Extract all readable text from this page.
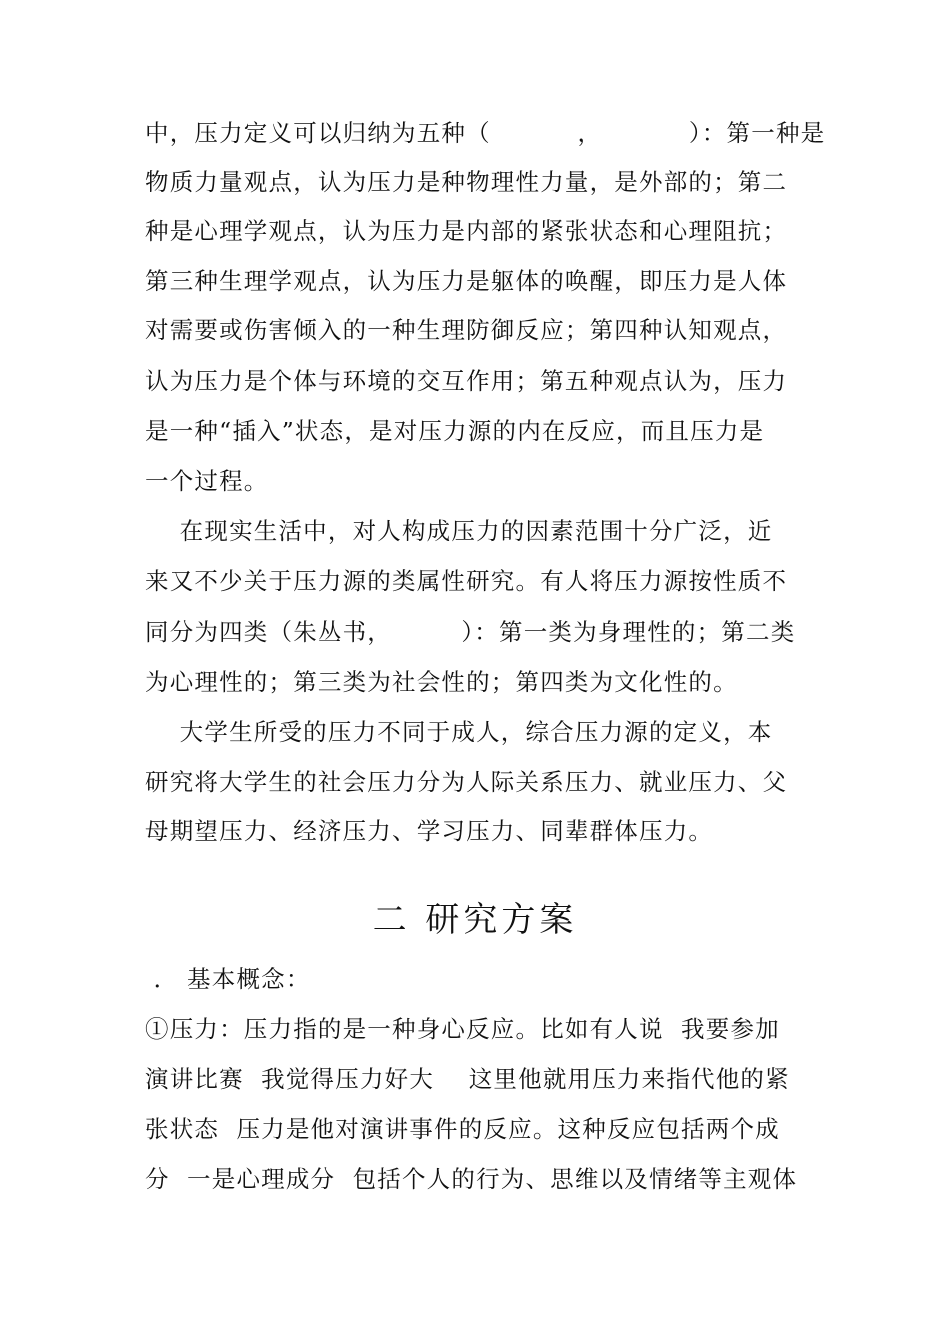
中，压力定义可以归纳为五种（          ，          ）：第一种是
物质力量观点，认为压力是种物理性力量，是外部的；第二
种是心理学观点，认为压力是内部的紧张状态和心理阻抗；
第三种生理学观点，认为压力是躯体的唤醒，即压力是人体
对需要或伤害倾入的一种生理防御反应；第四种认知观点，
认为压力是个体与环境的交互作用；第五种观点认为，压力
是一种“插入”状态，是对压力源的内在反应，而且压力是
一个过程。
在现实生活中，对人构成压力的因素范围十分广泛，近
来又不少关于压力源的类属性研究。有人将压力源按性质不
同分为四类（朱丛书，        ）：第一类为身理性的；第二类
为心理性的；第三类为社会性的；第四类为文化性的。
大学生所受的压力不同于成人，综合压力源的定义，本
研究将大学生的社会压力分为人际关系压力、就业压力、父
母期望压力、经济压力、学习压力、同辈群体压力。
二 研究方案
． 基本概念：
①压力：压力指的是一种身心反应。比如有人说  我要参加
演讲比赛  我觉得压力好大    这里他就用压力来指代他的紧
张状态  压力是他对演讲事件的反应。这种反应包括两个成
分  一是心理成分  包括个人的行为、思维以及情绪等主观体
